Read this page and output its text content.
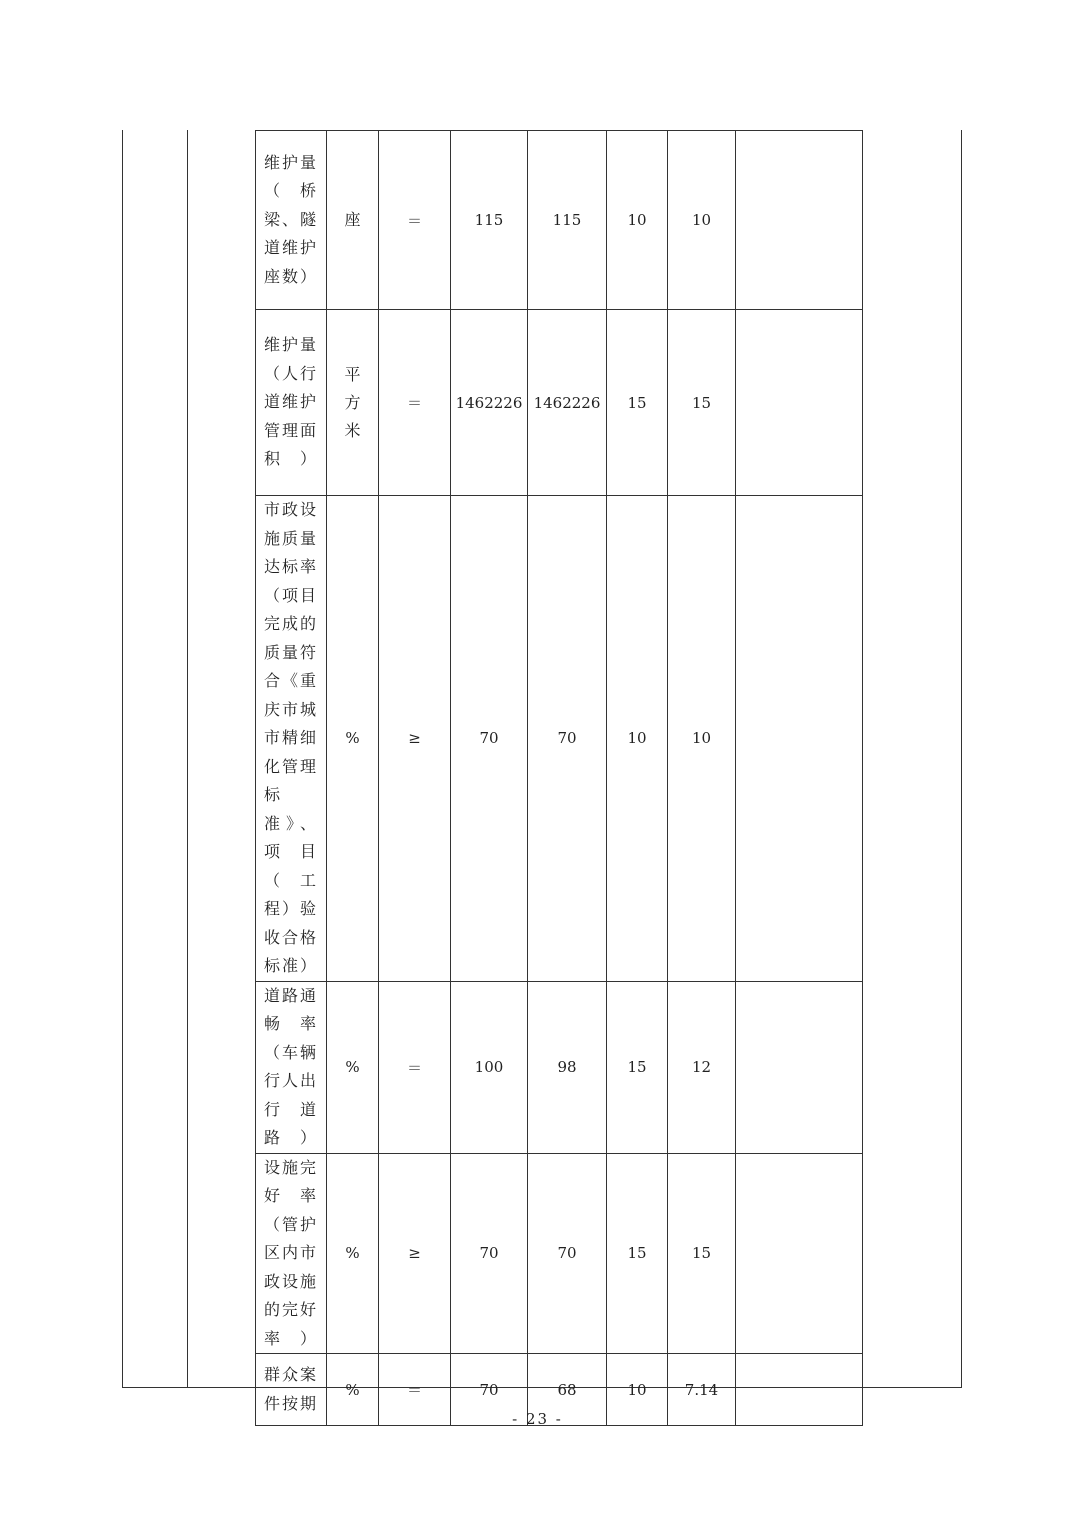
维护量（桥梁、隧道维护座数）	座	＝	115	115	10	10	

维护量（人行道维护管理面积）	平方米	＝	1462226	1462226	15	15	

市政设施质量达标率（项目完成的质量符合《重庆市城市精细化管理标准》、项目（工程）验收合格标准）	%	≥	70	70	10	10	

道路通畅率（车辆行人出行道路）	%	＝	100	98	15	12	

设施完好率（管护区内市政设施的完好率）	%	≥	70	70	15	15	

群众案件按期	%	＝	70	68	10	7.14	
- 23 -
